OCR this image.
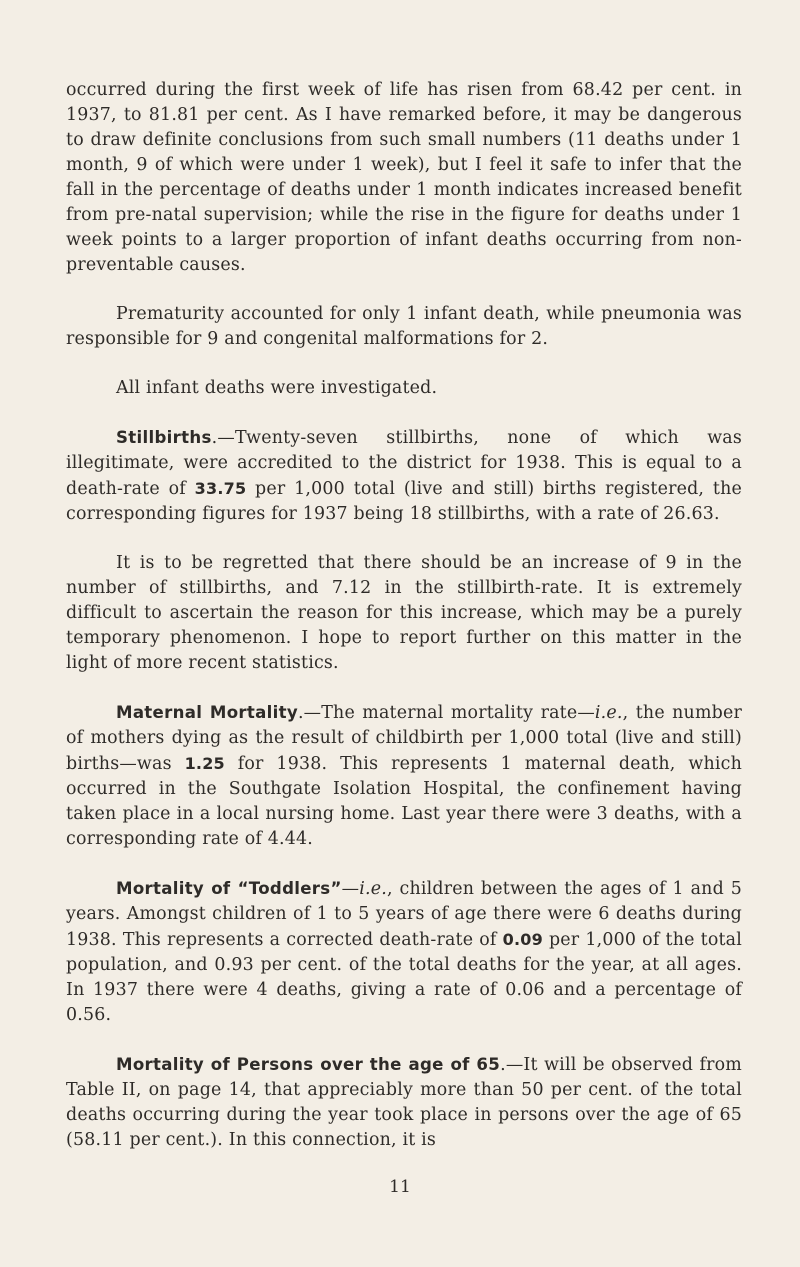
occurred during the first week of life has risen from 68.42 per cent. in 1937, to 81.81 per cent. As I have remarked before, it may be dangerous to draw definite conclusions from such small numbers (11 deaths under 1 month, 9 of which were under 1 week), but I feel it safe to infer that the fall in the percentage of deaths under 1 month indicates increased benefit from pre-natal supervision; while the rise in the figure for deaths under 1 week points to a larger proportion of infant deaths occurring from non-preventable causes.

Prematurity accounted for only 1 infant death, while pneumonia was responsible for 9 and congenital malformations for 2.

All infant deaths were investigated.

Stillbirths.—Twenty-seven stillbirths, none of which was illegitimate, were accredited to the district for 1938. This is equal to a death-rate of 33.75 per 1,000 total (live and still) births registered, the corresponding figures for 1937 being 18 stillbirths, with a rate of 26.63.

It is to be regretted that there should be an increase of 9 in the number of stillbirths, and 7.12 in the stillbirth-rate. It is extremely difficult to ascertain the reason for this increase, which may be a purely temporary phenomenon. I hope to report further on this matter in the light of more recent statistics.

Maternal Mortality.—The maternal mortality rate—i.e., the number of mothers dying as the result of childbirth per 1,000 total (live and still) births—was 1.25 for 1938. This represents 1 maternal death, which occurred in the Southgate Isolation Hospital, the confinement having taken place in a local nursing home. Last year there were 3 deaths, with a corresponding rate of 4.44.

Mortality of “Toddlers”—i.e., children between the ages of 1 and 5 years. Amongst children of 1 to 5 years of age there were 6 deaths during 1938. This represents a corrected death-rate of 0.09 per 1,000 of the total population, and 0.93 per cent. of the total deaths for the year, at all ages. In 1937 there were 4 deaths, giving a rate of 0.06 and a percentage of 0.56.

Mortality of Persons over the age of 65.—It will be observed from Table II, on page 14, that appreciably more than 50 per cent. of the total deaths occurring during the year took place in persons over the age of 65 (58.11 per cent.). In this connection, it is

11
